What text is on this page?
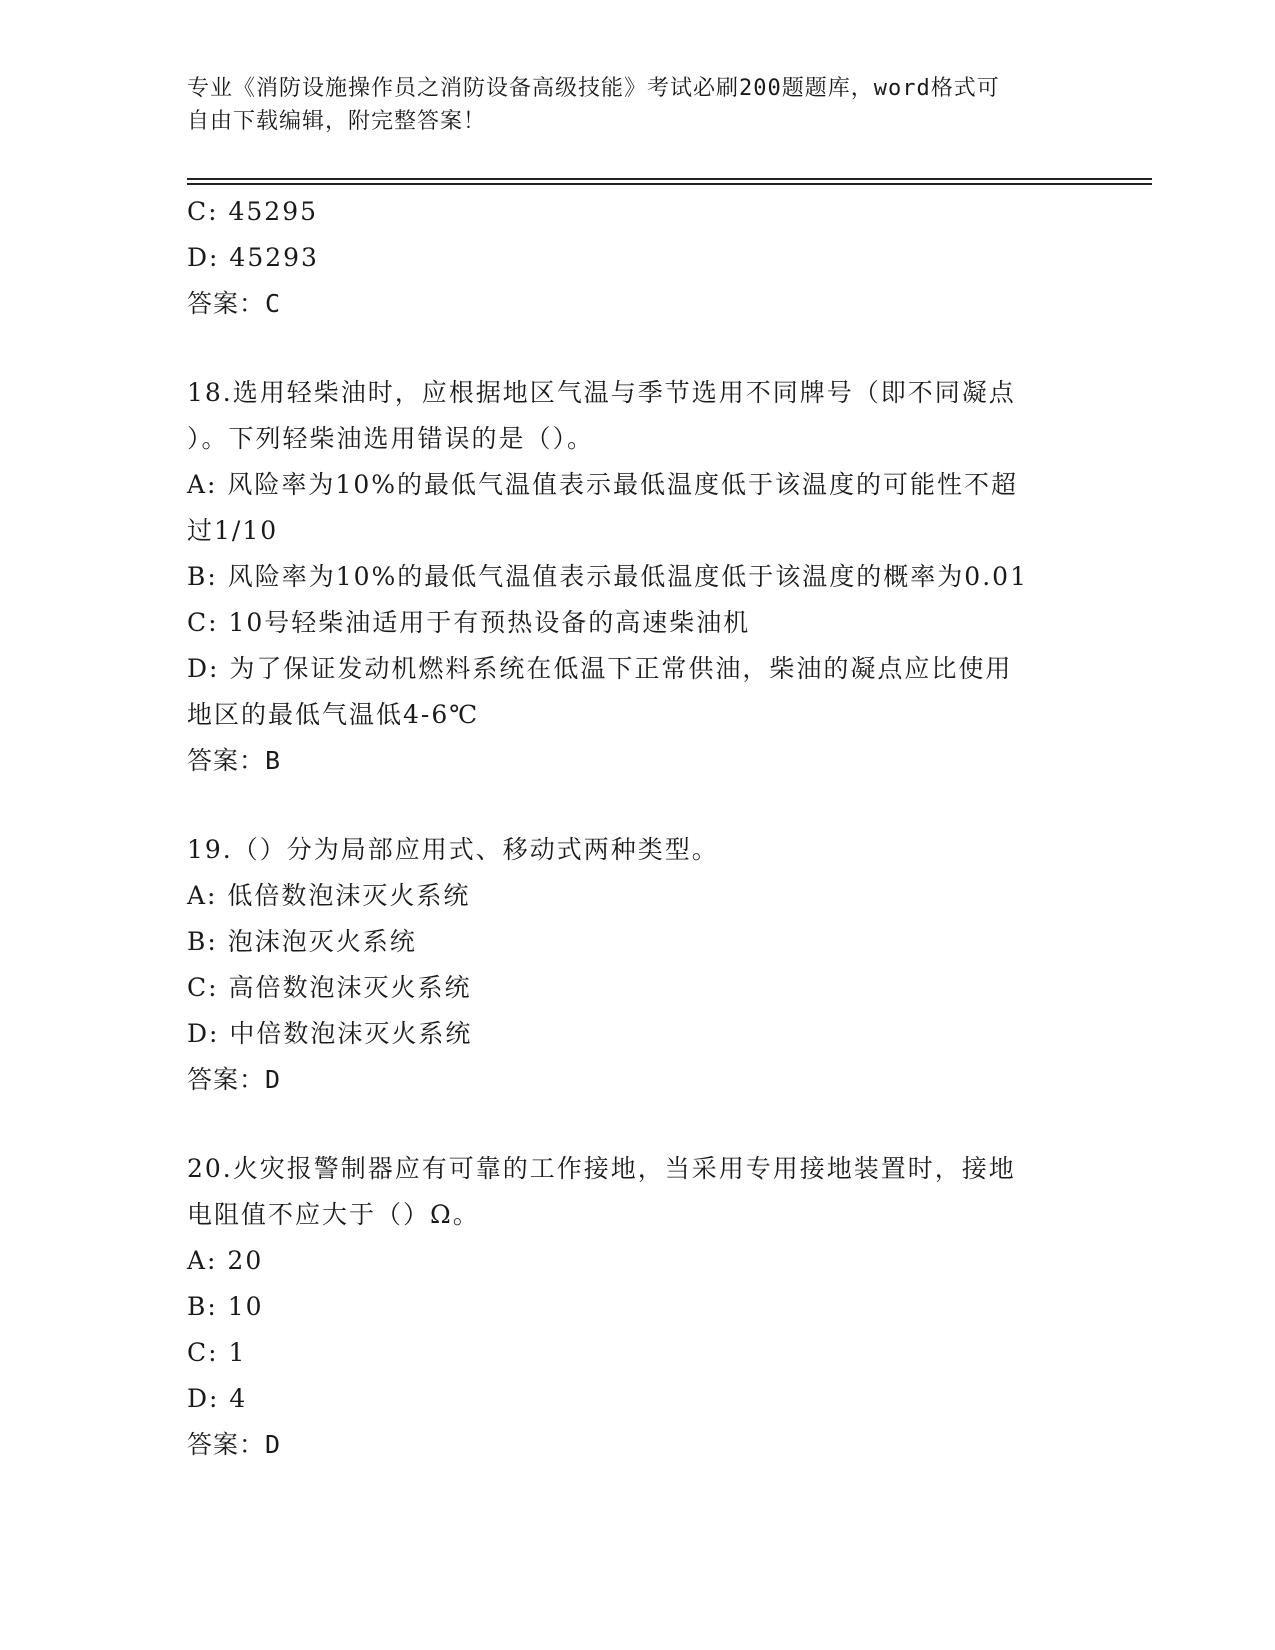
专业《消防设施操作员之消防设备高级技能》考试必刷200题题库，word格式可
自由下载编辑，附完整答案！
C: 45295
D: 45293
答案：C
18.选用轻柴油时，应根据地区气温与季节选用不同牌号（即不同凝点
）。下列轻柴油选用错误的是（）。
A: 风险率为10%的最低气温值表示最低温度低于该温度的可能性不超
过1/10
B: 风险率为10%的最低气温值表示最低温度低于该温度的概率为0.01
C: 10号轻柴油适用于有预热设备的高速柴油机
D: 为了保证发动机燃料系统在低温下正常供油，柴油的凝点应比使用
地区的最低气温低4-6℃
答案：B
19.（）分为局部应用式、移动式两种类型。
A: 低倍数泡沫灭火系统
B: 泡沫泡灭火系统
C: 高倍数泡沫灭火系统
D: 中倍数泡沫灭火系统
答案：D
20.火灾报警制器应有可靠的工作接地，当采用专用接地装置时，接地
电阻值不应大于（）Ω。
A: 20
B: 10
C: 1
D: 4
答案：D
